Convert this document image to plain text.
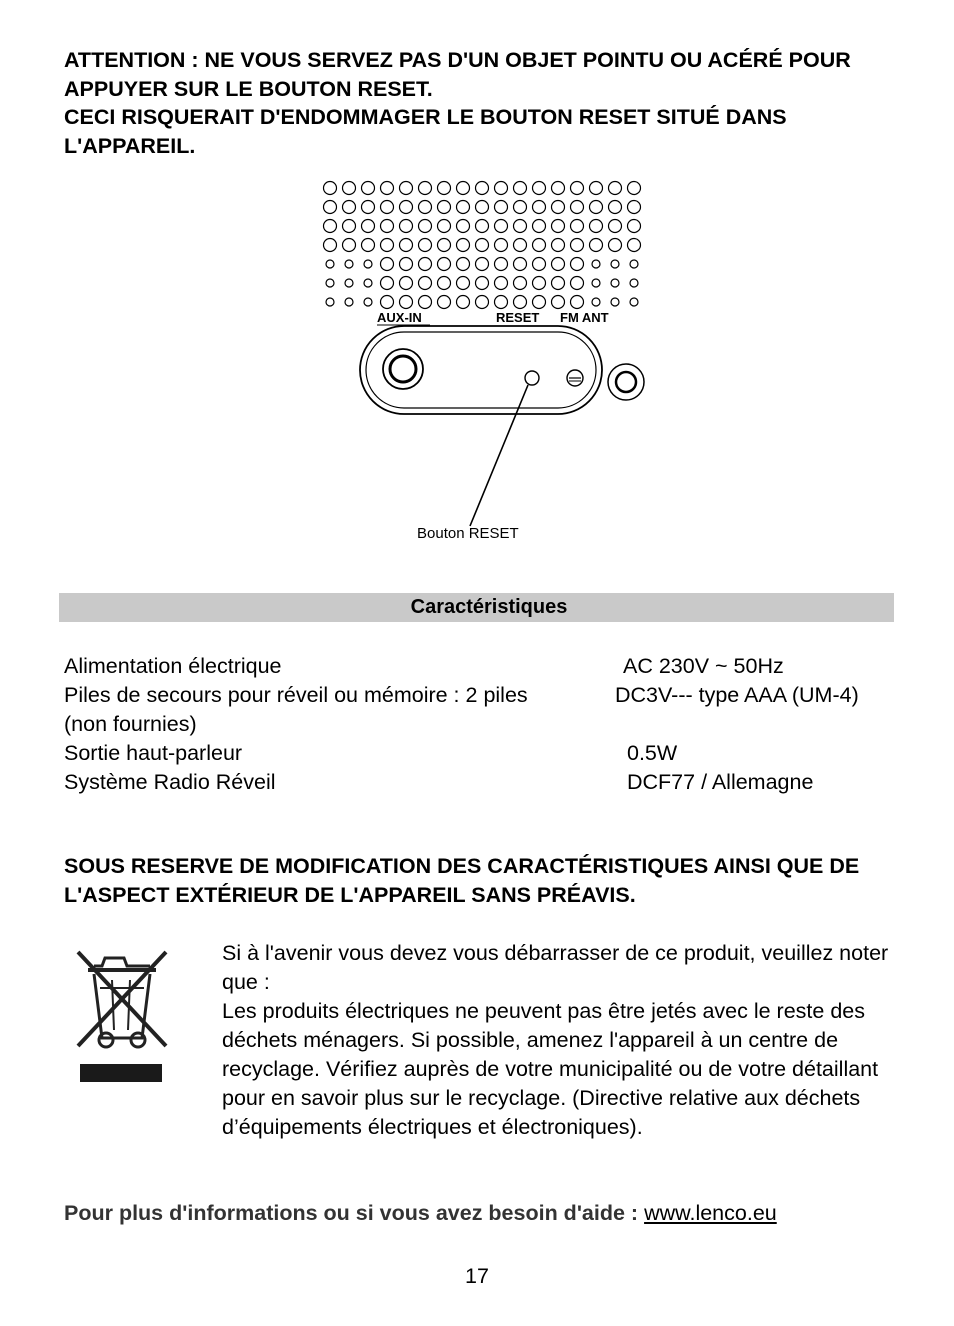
ATTENTION : NE VOUS SERVEZ PAS D'UN OBJET POINTU OU ACÉRÉ POUR APPUYER SUR LE BOUTON RESET.

CECI RISQUERAIT D'ENDOMMAGER LE BOUTON RESET SITUÉ DANS L'APPAREIL.

AUX-IN	RESET FM ANT
Bouton RESET
Caractéristiques
Alimentation électrique	AC 230V ~ 50Hz
Piles de secours pour réveil ou mémoire : 2 piles	DC3V--- type AAA (UM-4)
(non fournies)
Sortie haut-parleur	0.5W
Système Radio Réveil	DCF77 / Allemagne

SOUS RESERVE DE MODIFICATION DES CARACTÉRISTIQUES AINSI QUE DE L'ASPECT EXTÉRIEUR DE L'APPAREIL SANS PRÉAVIS.

Si à l'avenir vous devez vous débarrasser de ce produit, veuillez noter que :

Les produits électriques ne peuvent pas être jetés avec le reste des déchets ménagers. Si possible, amenez l'appareil à un centre de recyclage. Vérifiez auprès de votre municipalité ou de votre détaillant pour en savoir plus sur le recyclage. (Directive relative aux déchets d’équipements électriques et électroniques).

Pour plus d'informations ou si vous avez besoin d'aide : www.lenco.eu
17
